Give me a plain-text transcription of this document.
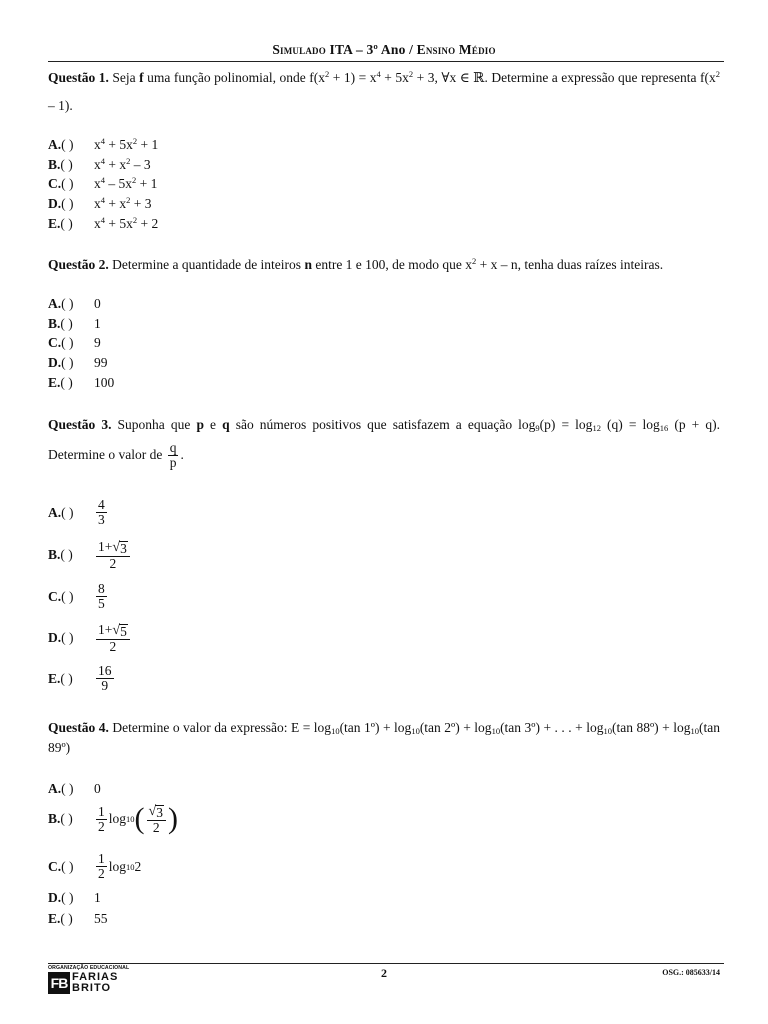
Simulado ITA – 3º Ano / Ensino Médio

Questão 1. Seja f uma função polinomial, onde $f(x^2 + 1) = x^4 + 5x^2 + 3$, ∀x ∈ ℝ. Determine a expressão que representa $f(x^2 - 1)$.

A.( )	$x^4 + 5x^2 + 1$
B.( )	$x^4 + x^2 - 3$
C.( )	$x^4 - 5x^2 + 1$
D.( )	$x^4 + x^2 + 3$
E.( )	$x^4 + 5x^2 + 2$

Questão 2. Determine a quantidade de inteiros n entre 1 e 100, de modo que $x^2 + x - n$, tenha duas raízes inteiras.

A.( )	0
B.( )	1
C.( )	9
D.( )	99
E.( )	100

Questão 3. Suponha que p e q são números positivos que satisfazem a equação $\log_9(p) = \log_{12} (q) = \log_{16} (p + q)$. Determine o valor de $\frac{q}{p}$ .

A.( )	$\frac{4}{3}$
B.( )	$\frac{1+ √ 3}{2}$
C.( )	$\frac{8}{5}$
D.( )	$\frac{1+ √ 5}{2}$
E.( )	$\frac{16}{9}$

Questão 4. Determine o valor da expressão: $E = \log_{10}(\tan$ 1º) + $\log_{10}(\tan$ 2º) + $\log_{10}(\tan$ 3º) + . . . + $\log_{10}(\tan$ 88º) + $\log_{10}(\tan$ 89º)

A.( )	0
B.( )	$\frac{1}{2}$ log 10 ( $\frac{√ 3}{2}$ )
C.( )	$\frac{1}{2}$ log 10 2
D.( )	1
E.( )	55
ORGANIZAÇÃO EDUCACIONAL
FB FARIAS
BRITO
2	OSG.: 085633/14
